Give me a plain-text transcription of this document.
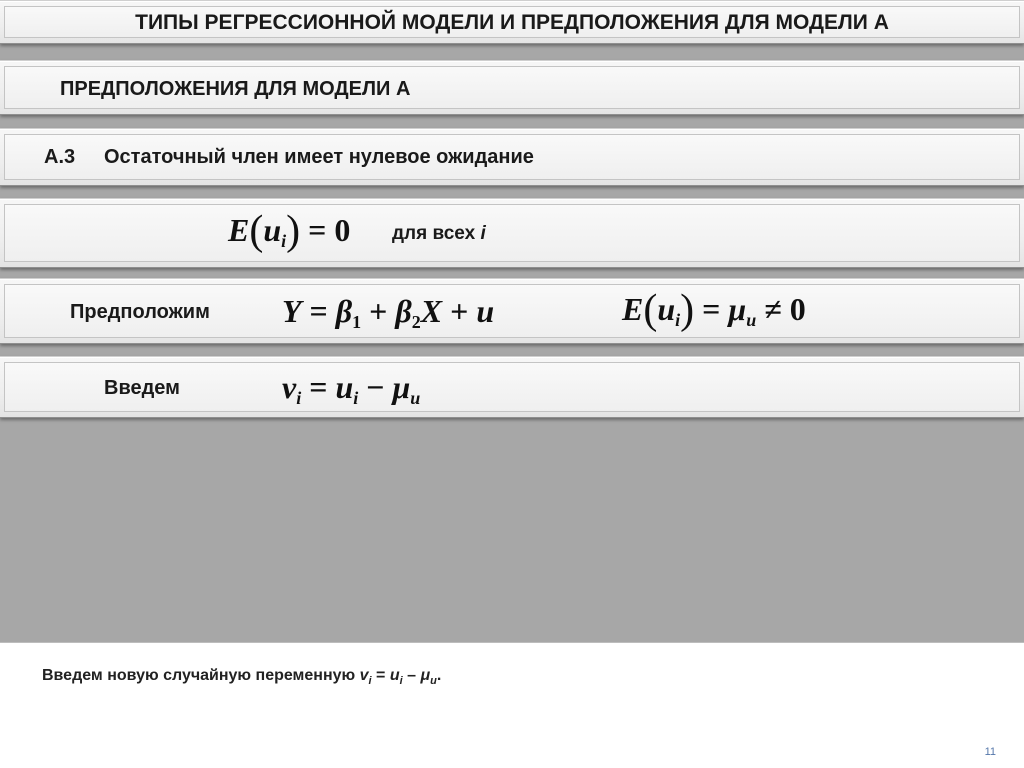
ТИПЫ РЕГРЕССИОННОЙ МОДЕЛИ И ПРЕДПОЛОЖЕНИЯ ДЛЯ МОДЕЛИ А
ПРЕДПОЛОЖЕНИЯ ДЛЯ МОДЕЛИ А
A.3 Остаточный член имеет нулевое ожидание
$E(u_i) = 0$ для всех i
Предположим $Y = \beta_1 + \beta_2X + u$	$E(u_i) = \mu_u \ne 0$
Введем	$v_i = u_i - \mu_u$
Введем новую случайную переменную $v_i = u_i - \mu_u$.
11
